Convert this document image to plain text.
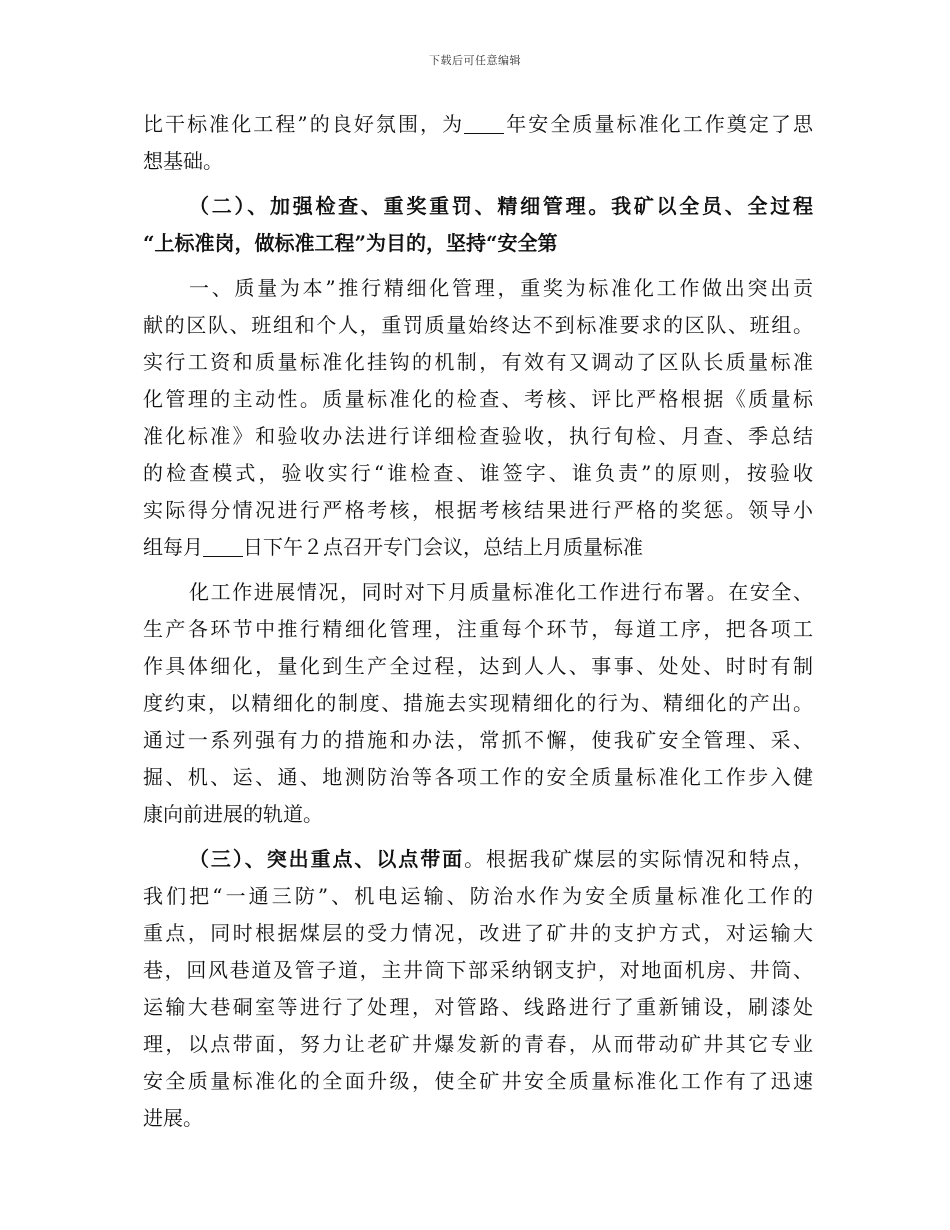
下载后可任意编辑
比干标准化工程”的良好氛围，为 年安全质量标准化工作奠定了思
想基础。
（二）、加强检查、重奖重罚、精细管理。我矿以全员、全过程
“上标准岗，做标准工程”为目的，坚持“安全第
一、质量为本”推行精细化管理，重奖为标准化工作做出突出贡
献的区队、班组和个人，重罚质量始终达不到标准要求的区队、班组。
实行工资和质量标准化挂钩的机制，有效有又调动了区队长质量标准
化管理的主动性。质量标准化的检查、考核、评比严格根据《质量标
准化标准》和验收办法进行详细检查验收，执行旬检、月查、季总结
的检查模式，验收实行“谁检查、谁签字、谁负责”的原则，按验收
实际得分情况进行严格考核，根据考核结果进行严格的奖惩。领导小
组每月 日下午２点召开专门会议，总结上月质量标准
化工作进展情况，同时对下月质量标准化工作进行布署。在安全、
生产各环节中推行精细化管理，注重每个环节，每道工序，把各项工
作具体细化，量化到生产全过程，达到人人、事事、处处、时时有制
度约束，以精细化的制度、措施去实现精细化的行为、精细化的产出。
通过一系列强有力的措施和办法，常抓不懈，使我矿安全管理、采、
掘、机、运、通、地测防治等各项工作的安全质量标准化工作步入健
康向前进展的轨道。
（三）、突出重点、以点带面。根据我矿煤层的实际情况和特点，
我们把“一通三防”、机电运输、防治水作为安全质量标准化工作的
重点，同时根据煤层的受力情况，改进了矿井的支护方式，对运输大
巷，回风巷道及管子道，主井筒下部采纳钢支护，对地面机房、井筒、
运输大巷硐室等进行了处理，对管路、线路进行了重新铺设，刷漆处
理，以点带面，努力让老矿井爆发新的青春，从而带动矿井其它专业
安全质量标准化的全面升级，使全矿井安全质量标准化工作有了迅速
进展。
